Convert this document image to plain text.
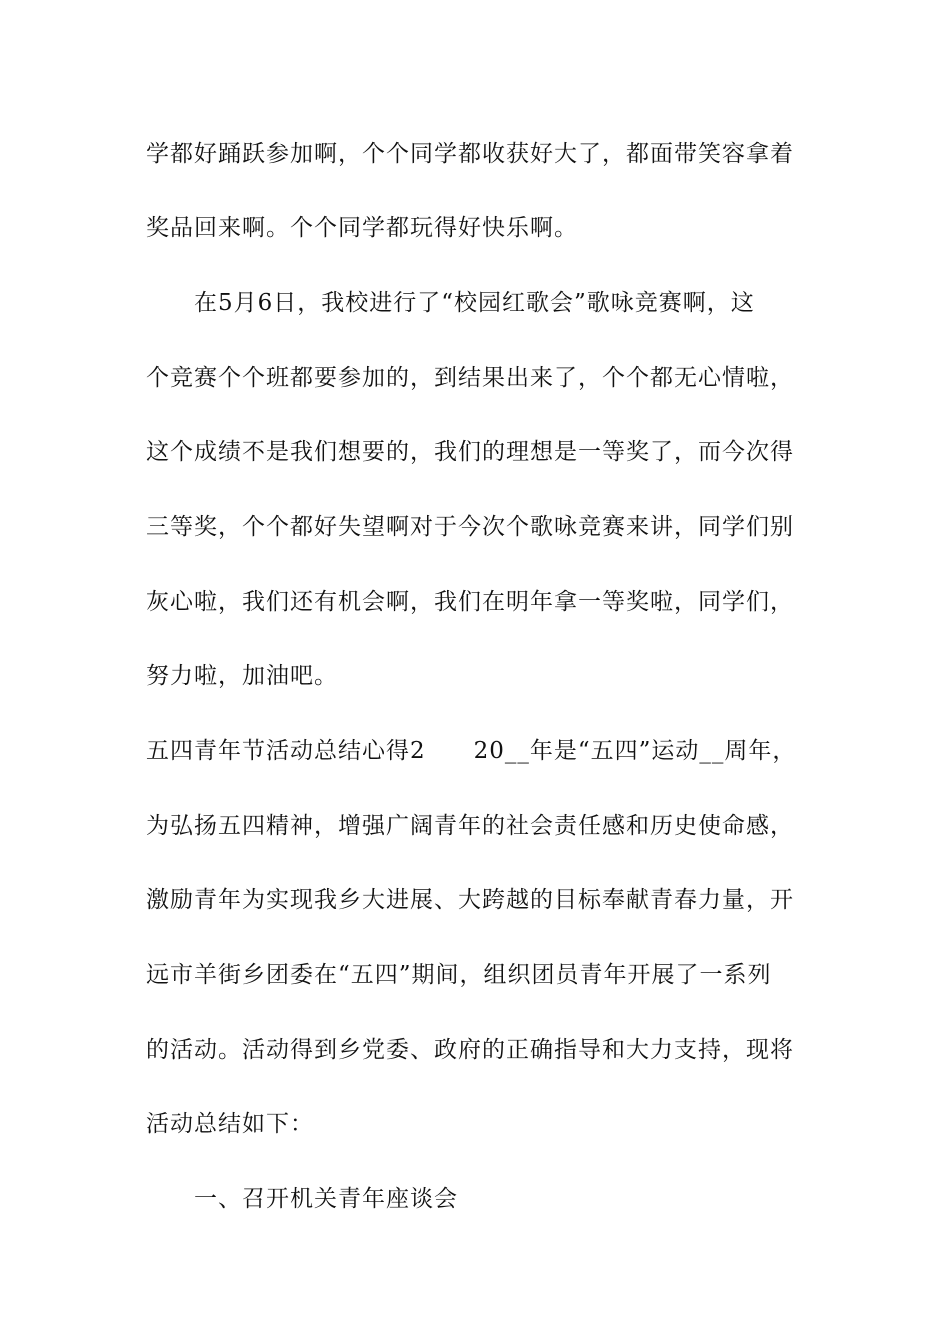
学都好踊跃参加啊，个个同学都收获好大了，都面带笑容拿着
奖品回来啊。个个同学都玩得好快乐啊。
在5月6日，我校进行了“校园红歌会”歌咏竞赛啊，这
个竞赛个个班都要参加的，到结果出来了，个个都无心情啦，
这个成绩不是我们想要的，我们的理想是一等奖了，而今次得
三等奖，个个都好失望啊对于今次个歌咏竞赛来讲，同学们别
灰心啦，我们还有机会啊，我们在明年拿一等奖啦，同学们，
努力啦，加油吧。
五四青年节活动总结心得2　　20__年是“五四”运动__周年，
为弘扬五四精神，增强广阔青年的社会责任感和历史使命感，
激励青年为实现我乡大进展、大跨越的目标奉献青春力量，开
远市羊街乡团委在“五四”期间，组织团员青年开展了一系列
的活动。活动得到乡党委、政府的正确指导和大力支持，现将
活动总结如下：
一、召开机关青年座谈会
